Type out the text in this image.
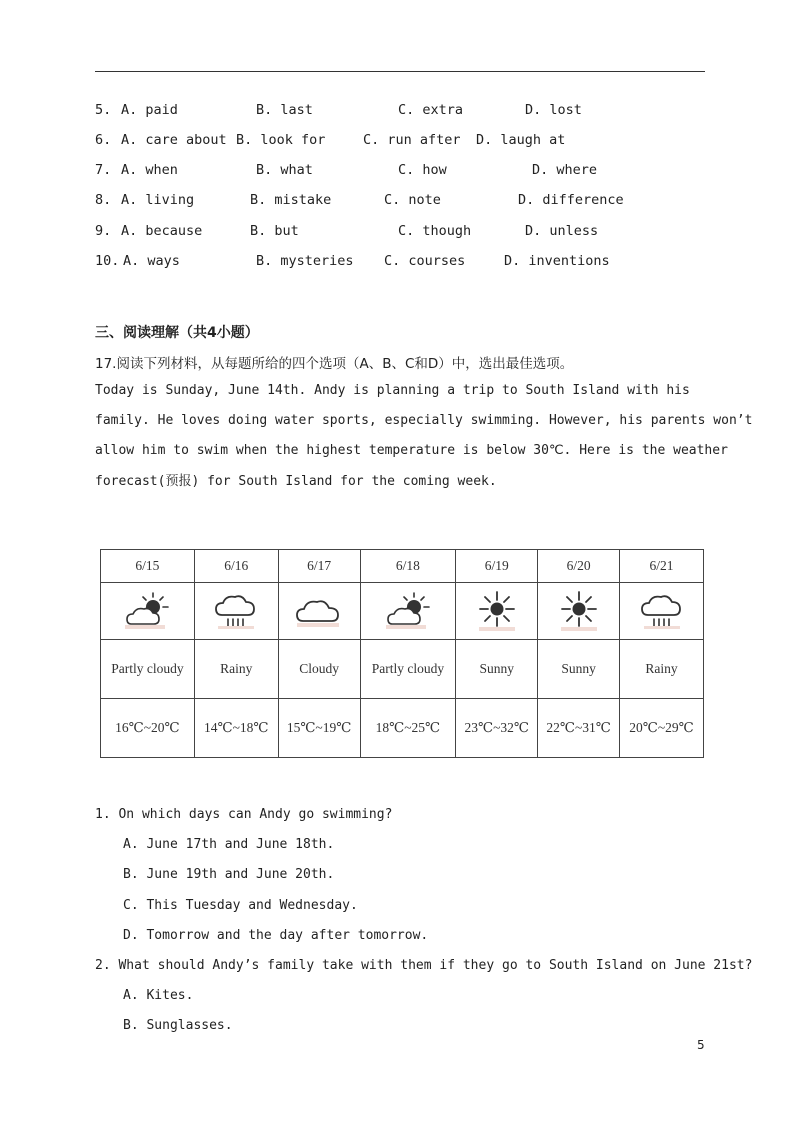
5. A. paid	B. last	C. extra	D. lost
6. A. care about B. look for	C. run after D. laugh at
7. A. when	B. what	C. how	D. where
8. A. living	B. mistake	C. note	D. difference
9. A. because	B. but	C. though	D. unless
10. A. ways	B. mysteries C. courses	D. inventions
三、阅读理解（共4小题）
17.阅读下列材料，从每题所给的四个选项（A、B、C和D）中，选出最佳选项。
Today is Sunday, June 14th. Andy is planning a trip to South Island with his
family. He loves doing water sports, especially swimming. However, his parents won’t
allow him to swim when the highest temperature is below 30℃. Here is the weather
forecast(预报) for South Island for the coming week.
6/15	6/16	6/17	6/18	6/19	6/20	6/21

Partly cloudy	Rainy	Cloudy	Partly cloudy	Sunny	Sunny	Rainy
16℃~20℃	14℃~18℃	15℃~19℃	18℃~25℃	23℃~32℃	22℃~31℃	20℃~29℃
1. On which days can Andy go swimming?
A. June 17th and June 18th.
B. June 19th and June 20th.
C. This Tuesday and Wednesday.
D. Tomorrow and the day after tomorrow.
2. What should Andy’s family take with them if they go to South Island on June 21st?
A. Kites.
B. Sunglasses.
5
